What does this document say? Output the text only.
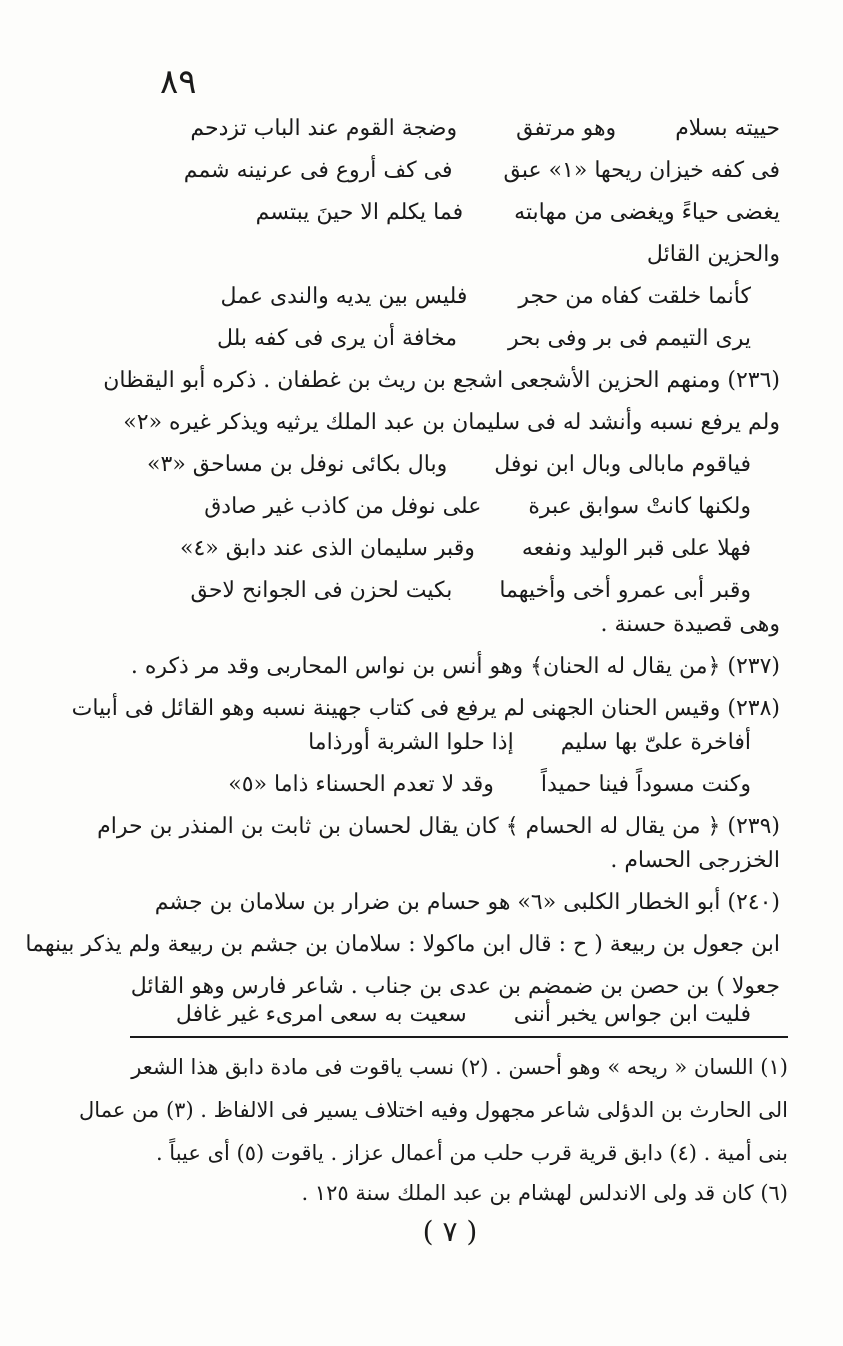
٨٩
حييته بسلام وهو مرتفق وضجة القوم عند الباب تزدحم
فى كفه خيزان ريحها «١» عبق فى كف أروع فى عرنينه شمم
يغضى حياءً ويغضى من مهابته فما يكلم الا حينَ يبتسم
والحزين القائل
كأنما خلقت كفاه من حجر فليس بين يديه والندى عمل
يرى التيمم فى بر وفى بحر مخافة أن يرى فى كفه بلل
(٢٣٦) ومنهم الحزين الأشجعى اشجع بن ريث بن غطفان . ذكره أبو اليقظان
ولم يرفع نسبه وأنشد له فى سليمان بن عبد الملك يرثيه ويذكر غيره «٢»
فياقوم مابالى وبال ابن نوفل وبال بكائى نوفل بن مساحق «٣»
ولكنها كانتْ سوابق عبرة على نوفل من كاذب غير صادق
فهلا على قبر الوليد ونفعه وقبر سليمان الذى عند دابق «٤»
وقبر أبى عمرو أخى وأخيهما بكيت لحزن فى الجوانح لاحق
وهى قصيدة حسنة .
(٢٣٧) ﴿من يقال له الحنان﴾ وهو أنس بن نواس المحاربى وقد مر ذكره .
(٢٣٨) وقيس الحنان الجهنى لم يرفع فى كتاب جهينة نسبه وهو القائل فى أبيات
أفاخرة علىّ بها سليم إذا حلوا الشربة أورذاما
وكنت مسوداً فينا حميداً وقد لا تعدم الحسناء ذاما «٥»
(٢٣٩) ﴿ من يقال له الحسام ﴾ كان يقال لحسان بن ثابت بن المنذر بن حرام
الخزرجى الحسام .
(٢٤٠) أبو الخطار الكلبى «٦» هو حسام بن ضرار بن سلامان بن جشم
ابن جعول بن ربيعة ( ح : قال ابن ماكولا : سلامان بن جشم بن ربيعة ولم يذكر بينهما
جعولا ) بن حصن بن ضمضم بن عدى بن جناب . شاعر فارس وهو القائل
فليت ابن جواس يخبر أننى سعيت به سعى امرىء غير غافل
(١) اللسان « ريحه » وهو أحسن . (٢) نسب ياقوت فى مادة دابق هذا الشعر
الى الحارث بن الدؤلى شاعر مجهول وفيه اختلاف يسير فى الالفاظ . (٣) من عمال
بنى أمية . (٤) دابق قرية قرب حلب من أعمال عزاز . ياقوت (٥) أى عيباً .
(٦) كان قد ولى الاندلس لهشام بن عبد الملك سنة ١٢٥ .
( ٧ )
